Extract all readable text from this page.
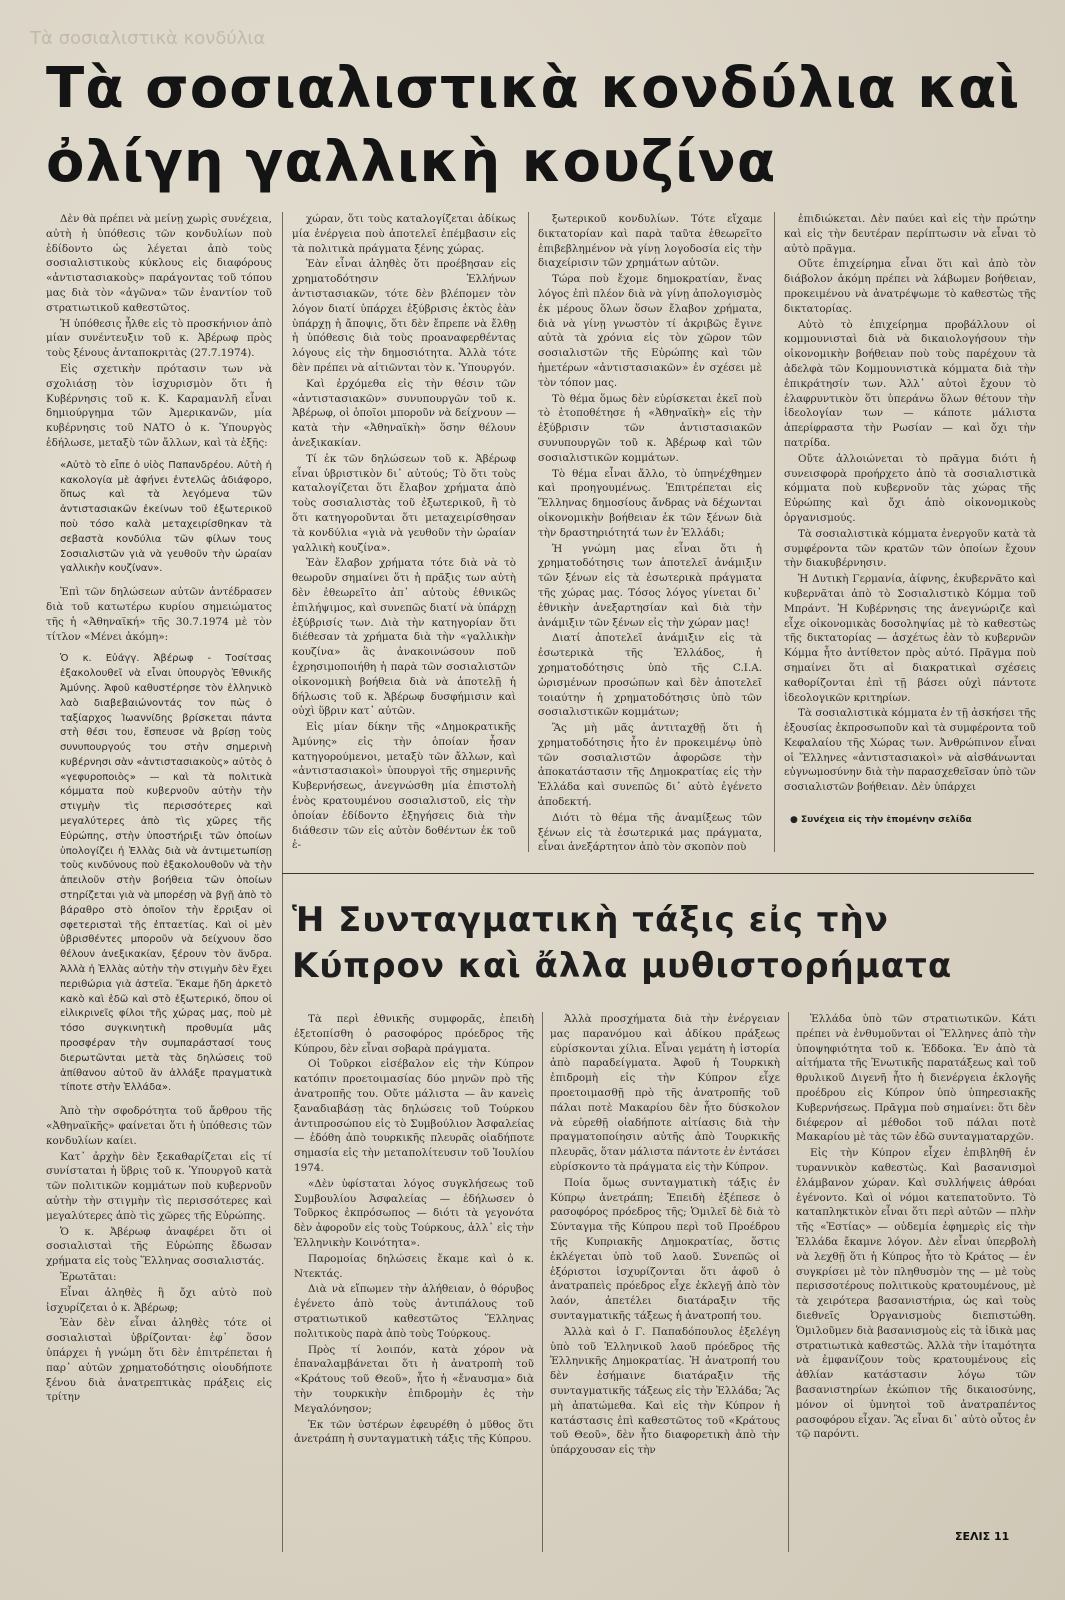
Τὰ σοσιαλιστικὰ κονδύλια
Τὰ σοσιαλιστικὰ κονδύλια καὶ ὀλίγη γαλλικὴ κουζίνα

Δὲν θὰ πρέπει νὰ μείνῃ χωρὶς συνέχεια, αὐτὴ ἡ ὑπόθεσις τῶν κονδυλίων ποὺ ἐδίδοντο ὡς λέγεται ἀπὸ τοὺς σοσιαλιστικοὺς κύκλους εἰς διαφόρους «ἀντιστασιακοὺς» παράγοντας τοῦ τόπου μας διὰ τὸν «ἀγῶνα» τῶν ἐναντίον τοῦ στρατιωτικοῦ καθεστῶτος.

Ἡ ὑπόθεσις ἦλθε εἰς τὸ προσκήνιον ἀπὸ μίαν συνέντευξιν τοῦ κ. Ἀβέρωφ πρὸς τοὺς ξένους ἀνταποκριτὰς (27.7.1974).

Εἰς σχετικὴν πρότασιν των νὰ σχολιάσῃ τὸν ἰσχυρισμὸν ὅτι ἡ Κυβέρνησις τοῦ κ. Κ. Καραμανλῆ εἶναι δημιούργημα τῶν Ἀμερικανῶν, μία κυβέρνησις τοῦ ΝΑΤΟ ὁ κ. Ὑπουργὸς ἐδήλωσε, μεταξὺ τῶν ἄλλων, καὶ τὰ ἑξῆς:

«Αὐτὸ τὸ εἶπε ὁ υἱὸς Παπανδρέου. Αὐτὴ ἡ κακολογία μὲ ἀφήνει ἐντελῶς ἀδιάφορο, ὅπως καὶ τὰ λεγόμενα τῶν ἀντιστασιακῶν ἐκείνων τοῦ ἐξωτερικοῦ ποὺ τόσο καλὰ μεταχειρίσθηκαν τὰ σεβαστὰ κονδύλια τῶν φίλων τους Σοσιαλιστῶν γιὰ νὰ γευθοῦν τὴν ὡραίαν γαλλικὴν κουζίναν».

Ἐπὶ τῶν δηλώσεων αὐτῶν ἀντέδρασεν διὰ τοῦ κατωτέρω κυρίου σημειώματος τῆς ἡ «Ἀθηναϊκή» τῆς 30.7.1974 μὲ τὸν τίτλον «Μένει ἀκόμη»:

Ὁ κ. Εὐάγγ. Ἀβέρωφ - Τοσίτσας ἐξακολουθεῖ νὰ εἶναι ὑπουργὸς Ἐθνικῆς Ἀμύνης. Ἀφοῦ καθυστέρησε τὸν ἑλληνικὸ λαὸ διαβεβαιώνοντάς τον πὼς ὁ ταξίαρχος Ἰωαννίδης βρίσκεται πάντα στὴ θέσι του, ἔσπευσε νὰ βρίσῃ τοὺς συνυπουργούς του στὴν σημερινὴ κυβέρνησι σὰν «ἀντιστασιακοὺς» αὐτὸς ὁ «γεφυροποιὸς» — καὶ τὰ πολιτικὰ κόμματα ποὺ κυβερνοῦν αὐτὴν τὴν στιγμὴν τὶς περισσότερες καὶ μεγαλύτερες ἀπὸ τὶς χῶρες τῆς Εὐρώπης, στὴν ὑποστήριξι τῶν ὁποίων ὑπολογίζει ἡ Ἑλλὰς διὰ νὰ ἀντιμετωπίσῃ τοὺς κινδύνους ποὺ ἐξακολουθοῦν νὰ τὴν ἀπειλοῦν στὴν βοήθεια τῶν ὁποίων στηρίζεται γιὰ νὰ μπορέσῃ νὰ βγῇ ἀπὸ τὸ βάραθρο στὸ ὁποῖον τὴν ἔρριξαν οἱ σφετερισταὶ τῆς ἐπταετίας. Καὶ οἱ μὲν ὑβρισθέντες μποροῦν νὰ δείχνουν ὅσο θέλουν ἀνεξικακίαν, ξέρουν τὸν ἄνδρα. Ἀλλὰ ἡ Ἑλλὰς αὐτὴν τὴν στιγμὴν δὲν ἔχει περιθώρια γιὰ ἀστεῖα. Ἔκαμε ἤδη ἀρκετὸ κακὸ καὶ ἐδῶ καὶ στὸ ἐξωτερικό, ὅπου οἱ εἰλικρινεῖς φίλοι τῆς χώρας μας, ποὺ μὲ τόσο συγκινητικὴ προθυμία μᾶς προσφέραν τὴν συμπαράστασί τους διερωτῶνται μετὰ τὰς δηλώσεις τοῦ ἀπίθανου αὐτοῦ ἄν ἀλλάξε πραγματικὰ τίποτε στὴν Ἑλλάδα».

Ἀπὸ τὴν σφοδρότητα τοῦ ἄρθρου τῆς «Ἀθηναϊκῆς» φαίνεται ὅτι ἡ ὑπόθεσις τῶν κονδυλίων καίει.

Κατ᾽ ἀρχὴν δὲν ξεκαθαρίζεται εἰς τί συνίσταται ἡ ὕβρις τοῦ κ. Ὑπουργοῦ κατὰ τῶν πολιτικῶν κομμάτων ποὺ κυβερνοῦν αὐτὴν τὴν στιγμὴν τὶς περισσότερες καὶ μεγαλύτερες ἀπὸ τὶς χῶρες τῆς Εὐρώπης.

Ὁ κ. Ἀβέρωφ ἀναφέρει ὅτι οἱ σοσιαλισταὶ τῆς Εὐρώπης ἔδωσαν χρήματα εἰς τοὺς Ἕλληνας σοσιαλιστάς.

Ἐρωτᾶται:

Εἶναι ἀληθὲς ἢ ὄχι αὐτὸ ποὺ ἰσχυρίζεται ὁ κ. Ἀβέρωφ;

Ἐὰν δὲν εἶναι ἀληθὲς τότε οἱ σοσιαλισταὶ ὑβρίζονται· ἐφ᾽ ὅσον ὑπάρχει ἡ γνώμη ὅτι δὲν ἐπιτρέπεται ἡ παρ᾽ αὐτῶν χρηματοδότησις οἱουδήποτε ξένου διὰ ἀνατρεπτικὰς πράξεις εἰς τρίτην

χώραν, ὅτι τοὺς καταλογίζεται ἀδίκως μία ἐνέργεια ποὺ ἀποτελεῖ ἐπέμβασιν εἰς τὰ πολιτικὰ πράγματα ξένης χώρας.

Ἐὰν εἶναι ἀληθὲς ὅτι προέβησαν εἰς χρηματοδότησιν Ἑλλήνων ἀντιστασιακῶν, τότε δὲν βλέπομεν τὸν λόγον διατί ὑπάρχει ἐξύβρισις ἐκτὸς ἐὰν ὑπάρχῃ ἡ ἄποψις, ὅτι δὲν ἔπρεπε νὰ ἔλθῃ ἡ ὑπόθεσις διὰ τοὺς προαναφερθέντας λόγους εἰς τὴν δημοσιότητα. Ἀλλὰ τότε δὲν πρέπει νὰ αἰτιῶνται τὸν κ. Ὑπουργόν.

Καὶ ἐρχόμεθα εἰς τὴν θέσιν τῶν «ἀντιστασιακῶν» συνυπουργῶν τοῦ κ. Ἀβέρωφ, οἱ ὁποῖοι μποροῦν νὰ δείχνουν — κατὰ τὴν «Ἀθηναϊκὴ» ὅσην θέλουν ἀνεξικακίαν.

Τί ἐκ τῶν δηλώσεων τοῦ κ. Ἀβέρωφ εἶναι ὑβριστικὸν δι᾽ αὐτούς; Τὸ ὅτι τοὺς καταλογίζεται ὅτι ἔλαβον χρήματα ἀπὸ τοὺς σοσιαλιστὰς τοῦ ἐξωτερικοῦ, ἢ τὸ ὅτι κατηγοροῦνται ὅτι μεταχειρίσθησαν τὰ κονδύλια «γιὰ νὰ γευθοῦν τὴν ὡραίαν γαλλικὴ κουζίνα».

Ἐὰν ἔλαβον χρήματα τότε διὰ νὰ τὸ θεωροῦν σημαίνει ὅτι ἡ πρᾶξις των αὐτὴ δὲν ἐθεωρεῖτο ἀπ᾽ αὐτοὺς ἐθνικῶς ἐπιλήψιμος, καὶ συνεπῶς διατί νὰ ὑπάρχῃ ἐξύβρισίς των. Διὰ τὴν κατηγορίαν ὅτι διέθεσαν τὰ χρήματα διὰ τὴν «γαλλικὴν κουζίνα» ἂς ἀνακοινώσουν ποῦ ἐχρησιμοποιήθη ἡ παρὰ τῶν σοσιαλιστῶν οἰκονομικὴ βοήθεια διὰ νὰ ἀποτελῇ ἡ δήλωσις τοῦ κ. Ἀβέρωφ δυσφήμισιν καὶ οὐχὶ ὕβριν κατ᾽ αὐτῶν.

Εἰς μίαν δίκην τῆς «Δημοκρατικῆς Ἀμύνης» εἰς τὴν ὁποίαν ἦσαν κατηγορούμενοι, μεταξὺ τῶν ἄλλων, καὶ «ἀντιστασιακοὶ» ὑπουργοὶ τῆς σημερινῆς Κυβερνήσεως, ἀνεγνώσθη μία ἐπιστολὴ ἐνὸς κρατουμένου σοσιαλιστοῦ, εἰς τὴν ὁποίαν ἐδίδοντο ἐξηγήσεις διὰ τὴν διάθεσιν τῶν εἰς αὐτὸν δοθέντων ἐκ τοῦ ἐ-

ξωτερικοῦ κονδυλίων. Τότε εἴχαμε δικτατορίαν καὶ παρὰ ταῦτα ἐθεωρεῖτο ἐπιβεβλημένον νὰ γίνῃ λογοδοσία εἰς τὴν διαχείρισιν τῶν χρημάτων αὐτῶν.

Τώρα ποὺ ἔχομε δημοκρατίαν, ἕνας λόγος ἐπὶ πλέον διὰ νὰ γίνῃ ἀπολογισμὸς ἐκ μέρους ὅλων ὅσων ἔλαβον χρήματα, διὰ νὰ γίνῃ γνωστὸν τί ἀκριβῶς ἔγινε αὐτὰ τὰ χρόνια εἰς τὸν χῶρον τῶν σοσιαλιστῶν τῆς Εὐρώπης καὶ τῶν ἡμετέρων «ἀντιστασιακῶν» ἐν σχέσει μὲ τὸν τόπον μας.

Τὸ θέμα ὅμως δὲν εὑρίσκεται ἐκεῖ ποὺ τὸ ἐτοποθέτησε ἡ «Ἀθηναϊκὴ» εἰς τὴν ἐξύβρισιν τῶν ἀντιστασιακῶν συνυπουργῶν τοῦ κ. Ἀβέρωφ καὶ τῶν σοσιαλιστικῶν κομμάτων.

Τὸ θέμα εἶναι ἄλλο, τὸ ὑπηνέχθημεν καὶ προηγουμένως. Ἐπιτρέπεται εἰς Ἕλληνας δημοσίους ἄνδρας νὰ δέχωνται οἰκονομικὴν βοήθειαν ἐκ τῶν ξένων διὰ τὴν δραστηριότητά των ἐν Ἑλλάδι;

Ἡ γνώμη μας εἶναι ὅτι ἡ χρηματοδότησις των ἀποτελεῖ ἀνάμιξιν τῶν ξένων εἰς τὰ ἐσωτερικὰ πράγματα τῆς χώρας μας. Τόσος λόγος γίνεται δι᾽ ἐθνικὴν ἀνεξαρτησίαν καὶ διὰ τὴν ἀνάμιξιν τῶν ξένων εἰς τὴν χώραν μας!

Διατί ἀποτελεῖ ἀνάμιξιν εἰς τὰ ἐσωτερικὰ τῆς Ἑλλάδος, ἡ χρηματοδότησις ὑπὸ τῆς C.I.A. ὡρισμένων προσώπων καὶ δὲν ἀποτελεῖ τοιαύτην ἡ χρηματοδότησις ὑπὸ τῶν σοσιαλιστικῶν κομμάτων;

Ἂς μὴ μᾶς ἀντιταχθῇ ὅτι ἡ χρηματοδότησις ἦτο ἐν προκειμένῳ ὑπὸ τῶν σοσιαλιστῶν ἀφορῶσε τὴν ἀποκατάστασιν τῆς Δημοκρατίας εἰς τὴν Ἑλλάδα καὶ συνεπῶς δι᾽ αὐτὸ ἐγένετο ἀποδεκτή.

Διότι τὸ θέμα τῆς ἀναμίξεως τῶν ξένων εἰς τὰ ἐσωτερικά μας πράγματα, εἶναι ἀνεξάρτητον ἀπὸ τὸν σκοπὸν ποὺ

ἐπιδιώκεται. Δὲν παύει καὶ εἰς τὴν πρώτην καὶ εἰς τὴν δευτέραν περίπτωσιν νὰ εἶναι τὸ αὐτὸ πρᾶγμα.

Οὔτε ἐπιχείρημα εἶναι ὅτι καὶ ἀπὸ τὸν διάβολον ἀκόμη πρέπει νὰ λάβωμεν βοήθειαν, προκειμένου νὰ ἀνατρέψωμε τὸ καθεστὼς τῆς δικτατορίας.

Αὐτὸ τὸ ἐπιχείρημα προβάλλουν οἱ κομμουνισταὶ διὰ νὰ δικαιολογήσουν τὴν οἰκονομικὴν βοήθειαν ποὺ τοὺς παρέχουν τὰ ἀδελφὰ τῶν Κομμουνιστικὰ κόμματα διὰ τὴν ἐπικράτησίν των. Ἀλλ᾽ αὐτοὶ ἔχουν τὸ ἐλαφρυντικὸν ὅτι ὑπεράνω ὅλων θέτουν τὴν ἰδεολογίαν των — κάποτε μάλιστα ἀπερίφραστα τὴν Ρωσίαν — καὶ ὄχι τὴν πατρίδα.

Οὔτε ἀλλοιώνεται τὸ πρᾶγμα διότι ἡ συνεισφορὰ προήρχετο ἀπὸ τὰ σοσιαλιστικὰ κόμματα ποὺ κυβερνοῦν τὰς χώρας τῆς Εὐρώπης καὶ ὄχι ἀπὸ οἰκονομικοὺς ὀργανισμούς.

Τὰ σοσιαλιστικὰ κόμματα ἐνεργοῦν κατὰ τὰ συμφέροντα τῶν κρατῶν τῶν ὁποίων ἔχουν τὴν διακυβέρνησιν.

Ἡ Δυτικὴ Γερμανία, ἀίφνης, ἐκυβερνᾶτο καὶ κυβερνᾶται ἀπὸ τὸ Σοσιαλιστικὸ Κόμμα τοῦ Μπράντ. Ἡ Κυβέρνησις της ἀνεγνώριζε καὶ εἶχε οἰκονομικὰς δοσοληψίας μὲ τὸ καθεστὼς τῆς δικτατορίας — ἀσχέτως ἐὰν τὸ κυβερνῶν Κόμμα ἦτο ἀντίθετον πρὸς αὐτό. Πρᾶγμα ποὺ σημαίνει ὅτι αἱ διακρατικαὶ σχέσεις καθορίζονται ἐπὶ τῇ βάσει οὐχὶ πάντοτε ἰδεολογικῶν κριτηρίων.

Τὰ σοσιαλιστικὰ κόμματα ἐν τῇ ἀσκήσει τῆς ἐξουσίας ἐκπροσωποῦν καὶ τὰ συμφέροντα τοῦ Κεφαλαίου τῆς Χώρας των. Ἀνθρώπινον εἶναι οἱ Ἕλληνες «ἀντιστασιακοὶ» νὰ αἰσθάνωνται εὐγνωμοσύνην διὰ τὴν παρασχεθεῖσαν ὑπὸ τῶν σοσιαλιστῶν βοήθειαν. Δὲν ὑπάρχει

● Συνέχεια εἰς τὴν ἑπομένην σελίδα
Ἡ Συνταγματικὴ τάξις εἰς τὴν Κύπρον καὶ ἄλλα μυθιστορήματα

Τὰ περὶ ἐθνικῆς συμφορᾶς, ἐπειδὴ ἐξετοπίσθη ὁ ρασοφόρος πρόεδρος τῆς Κύπρου, δὲν εἶναι σοβαρὰ πράγματα.

Οἱ Τοῦρκοι εἰσέβαλον εἰς τὴν Κύπρον κατόπιν προετοιμασίας δύο μηνῶν πρὸ τῆς ἀνατροπῆς του. Οὔτε μάλιστα — ἂν κανεὶς ξαναδιαβάσῃ τὰς δηλώσεις τοῦ Τούρκου ἀντιπροσώπου εἰς τὸ Συμβούλιον Ἀσφαλείας — ἐδόθη ἀπὸ τουρκικῆς πλευρᾶς οἱαδήποτε σημασία εἰς τὴν μεταπολίτευσιν τοῦ Ἰουλίου 1974.

«Δὲν ὑφίσταται λόγος συγκλήσεως τοῦ Συμβουλίου Ἀσφαλείας — ἐδήλωσεν ὁ Τοῦρκος ἐκπρόσωπος — διότι τὰ γεγονότα δὲν ἀφοροῦν εἰς τοὺς Τούρκους, ἀλλ᾽ εἰς τὴν Ἑλληνικὴν Κοινότητα».

Παρομοίας δηλώσεις ἔκαμε καὶ ὁ κ. Ντεκτάς.

Διὰ νὰ εἴπωμεν τὴν ἀλήθειαν, ὁ θόρυβος ἐγένετο ἀπὸ τοὺς ἀντιπάλους τοῦ στρατιωτικοῦ καθεστῶτος Ἕλληνας πολιτικοὺς παρὰ ἀπὸ τοὺς Τούρκους.

Πρὸς τί λοιπόν, κατὰ χόρον νὰ ἐπαναλαμβάνεται ὅτι ἡ ἀνατροπὴ τοῦ «Κράτους τοῦ Θεοῦ», ἦτο ἡ «ἔναυσμα» διὰ τὴν τουρκικὴν ἐπιδρομὴν ἐς τὴν Μεγαλόνησον;

Ἐκ τῶν ὑστέρων ἐφευρέθη ὁ μῦθος ὅτι ἀνετράπη ἡ συνταγματικὴ τάξις τῆς Κύπρου.

Ἀλλὰ προσχήματα διὰ τὴν ἐνέργειαν μας παρανόμου καὶ ἀδίκου πράξεως εὑρίσκονται χίλια. Εἶναι γεμάτη ἡ ἱστορία ἀπὸ παραδείγματα. Ἀφοῦ ἡ Τουρκικὴ ἐπιδρομὴ εἰς τὴν Κύπρον εἶχε προετοιμασθῇ πρὸ τῆς ἀνατροπῆς τοῦ πάλαι ποτὲ Μακαρίου δὲν ἦτο δύσκολον νὰ εὑρεθῇ οἱαδήποτε αἰτίασις διὰ τὴν πραγματοποίησιν αὐτῆς ἀπὸ Τουρκικῆς πλευρᾶς, ὅταν μάλιστα πάντοτε ἐν ἐντάσει εὑρίσκοντο τὰ πράγματα εἰς τὴν Κύπρον.

Ποία ὅμως συνταγματικὴ τάξις ἐν Κύπρῳ ἀνετράπη; Ἐπειδὴ ἐξέπεσε ὁ ρασοφόρος πρόεδρος τῆς; Ὁμιλεῖ δὲ διὰ τὸ Σύνταγμα τῆς Κύπρου περὶ τοῦ Προέδρου τῆς Κυπριακῆς Δημοκρατίας, ὅστις ἐκλέγεται ὑπὸ τοῦ λαοῦ. Συνεπῶς οἱ ἐξόριστοι ἰσχυρίζονται ὅτι ἀφοῦ ὁ ἀνατραπεὶς πρόεδρος εἶχε ἐκλεγῇ ἀπὸ τὸν λαόν, ἀπετέλει διατάραξιν τῆς συνταγματικῆς τάξεως ἡ ἀνατροπή του.

Ἀλλὰ καὶ ὁ Γ. Παπαδόπουλος ἐξελέγη ὑπὸ τοῦ Ἑλληνικοῦ λαοῦ πρόεδρος τῆς Ἑλληνικῆς Δημοκρατίας. Ἡ ἀνατροπή του δὲν ἐσήμαινε διατάραξιν τῆς συνταγματικῆς τάξεως εἰς τὴν Ἑλλάδα; Ἂς μὴ ἀπατώμεθα. Καὶ εἰς τὴν Κύπρον ἡ κατάστασις ἐπὶ καθεστῶτος τοῦ «Κράτους τοῦ Θεοῦ», δὲν ἦτο διαφορετικὴ ἀπὸ τὴν ὑπάρχουσαν εἰς τὴν

Ἑλλάδα ὑπὸ τῶν στρατιωτικῶν. Κάτι πρέπει νὰ ἐνθυμοῦνται οἱ Ἕλληνες ἀπὸ τὴν ὑποψηφιότητα τοῦ κ. Ἐδδοκα. Ἐν ἀπὸ τὰ αἰτήματα τῆς Ἐνωτικῆς παρατάξεως καὶ τοῦ θρυλικοῦ Διγενῆ ἦτο ἡ διενέργεια ἐκλογῆς προέδρου εἰς Κύπρον ὑπὸ ὑπηρεσιακῆς Κυβερνήσεως. Πρᾶγμα ποὺ σημαίνει: ὅτι δὲν διέφερον αἱ μέθοδοι τοῦ πάλαι ποτὲ Μακαρίου μὲ τὰς τῶν ἐδῶ συνταγματαρχῶν.

Εἰς τὴν Κύπρον εἶχεν ἐπιβληθῆ ἐν τυραννικὸν καθεστὼς. Καὶ βασανισμοὶ ἐλάμβανον χώραν. Καὶ συλλήψεις ἀθρόαι ἐγένοντο. Καὶ οἱ νόμοι κατεπατοῦντο. Τὸ καταπληκτικὸν εἶναι ὅτι περὶ αὐτῶν — πλὴν τῆς «Ἑστίας» — οὐδεμία ἐφημερὶς εἰς τὴν Ἑλλάδα ἔκαμνε λόγον. Δὲν εἶναι ὑπερβολὴ νὰ λεχθῇ ὅτι ἡ Κύπρος ἦτο τὸ Κράτος — ἐν συγκρίσει μὲ τὸν πληθυσμὸν της — μὲ τοὺς περισσοτέρους πολιτικοὺς κρατουμένους, μὲ τὰ χειρότερα βασανιστήρια, ὡς καὶ τοὺς διεθνεῖς Ὀργανισμοὺς διεπιστώθη. Ὁμιλοῦμεν διὰ βασανισμοὺς εἰς τὰ ἰδικὰ μας στρατιωτικὰ καθεστῶς. Ἀλλὰ τὴν ἰταμότητα νὰ ἐμφανίζουν τοὺς κρατουμένους εἰς ἀθλίαν κατάστασιν λόγω τῶν βασανιστηρίων ἐκώπιον τῆς δικαιοσύνης, μόνον οἱ ὑμνητοὶ τοῦ ἀνατραπέντος ρασοφόρου εἶχαν. Ἂς εἶναι δι᾽ αὐτὸ οὗτος ἐν τῷ παρόντι.

ΣΕΛΙΣ 11
